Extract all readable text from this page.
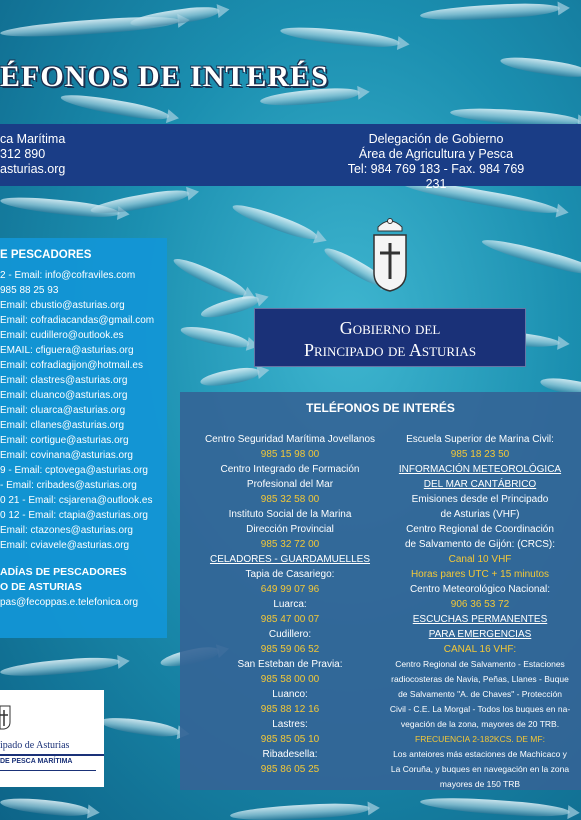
ÉFONOS DE INTERÉS
ca Marítima
312 890
asturias.org
Delegación de Gobierno
Área de Agricultura y Pesca
Tel: 984 769 183 - Fax. 984 769 231
E PESCADORES
2 - Email: info@cofraviles.com
985 88 25 93
Email: cbustio@asturias.org
Email: cofradiacandas@gmail.com
Email: cudillero@outlook.es
EMAIL: cfiguera@asturias.org
Email: cofradiagijon@hotmail.es
Email: clastres@asturias.org
Email: cluanco@asturias.org
Email: cluarca@asturias.org
Email: cllanes@asturias.org
Email: cortigue@asturias.org
Email: covinana@asturias.org
9 - Email: cptovega@asturias.org
- Email: cribades@asturias.org
0 21 - Email: csjarena@outlook.es
0 12 - Email: ctapia@asturias.org
Email: ctazones@asturias.org
Email: cviavele@asturias.org
ADÍAS DE PESCADORES
O DE ASTURIAS
pas@fecoppas.e.telefonica.org
Gobierno del
Principado de Asturias
TELÉFONOS DE INTERÉS
Centro Seguridad Marítima Jovellanos
985 15 98 00
Centro Integrado de Formación
Profesional del Mar
985 32 58 00
Instituto Social de la Marina
Dirección Provincial
985 32 72 00
CELADORES - GUARDAMUELLES
Tapia de Casariego:
649 99 07 96
Luarca:
985 47 00 07
Cudillero:
985 59 06 52
San Esteban de Pravia:
985 58 00 00
Luanco:
985 88 12 16
Lastres:
985 85 05 10
Ribadesella:
985 86 05 25
Escuela Superior de Marina Civil:
985 18 23 50
INFORMACIÓN METEOROLÓGICA
DEL MAR CANTÁBRICO
Emisiones desde el Principado
de Asturias (VHF)
Centro Regional de Coordinación
de Salvamento de Gijón: (CRCS):
Canal 10 VHF
Horas pares UTC + 15 minutos
Centro Meteorológico Nacional:
906 36 53 72
ESCUCHAS PERMANENTES
PARA EMERGENCIAS
CANAL 16 VHF:
Centro Regional de Salvamento - Estaciones
radiocosteras de Navia, Peñas, Llanes - Buque
de Salvamento "A. de Chaves" - Protección
Civil - C.E. La Morgal - Todos los buques en na-
vegación de la zona, mayores de 20 TRB.
FRECUENCIA 2-182KCS. DE MF:
Los anteiores más estaciones de Machicaco y
La Coruña, y buques en navegación en la zona
mayores de 150 TRB
ipado de Asturias
DE PESCA MARÍTIMA
